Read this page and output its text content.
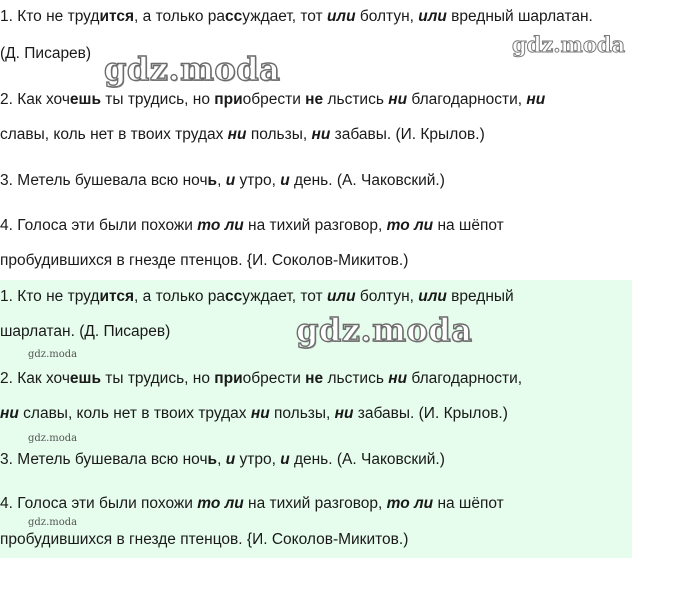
1. Кто не трудится, а только рассуждает, тот или болтун, или вредный шарлатан.
(Д. Писарев)
2. Как хочешь ты трудись, но приобрести не льстись ни благодарности, ни
славы, коль нет в твоих трудах ни пользы, ни забавы. (И. Крылов.)
3. Метель бушевала всю ночь, и утро, и день. (А. Чаковский.)
4. Голоса эти были похожи то ли на тихий разговор, то ли на шёпот
пробудившихся в гнезде птенцов. {И. Соколов-Микитов.)
1. Кто не трудится, а только рассуждает, тот или болтун, или вредный
шарлатан. (Д. Писарев)
2. Как хочешь ты трудись, но приобрести не льстись ни благодарности,
ни славы, коль нет в твоих трудах ни пользы, ни забавы. (И. Крылов.)
3. Метель бушевала всю ночь, и утро, и день. (А. Чаковский.)
4. Голоса эти были похожи то ли на тихий разговор, то ли на шёпот
пробудившихся в гнезде птенцов. {И. Соколов-Микитов.)
gdz.moda
gdz.moda
gdz.moda
gdz.moda
gdz.moda
gdz.moda
